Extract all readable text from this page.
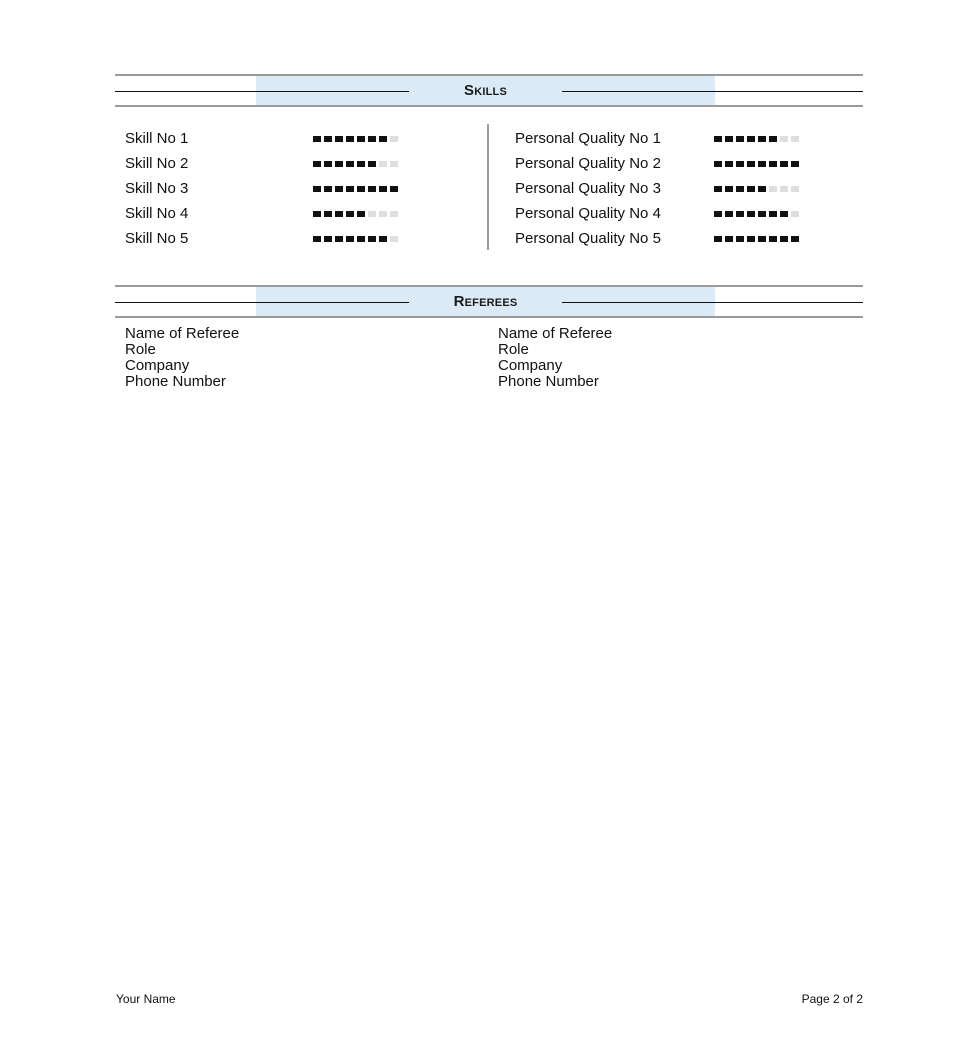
Skills
Skill No 1
Skill No 2
Skill No 3
Skill No 4
Skill No 5
Personal Quality No 1
Personal Quality No 2
Personal Quality No 3
Personal Quality No 4
Personal Quality No 5
Referees
Name of Referee
Role
Company
Phone Number
Name of Referee
Role
Company
Phone Number
Your Name	Page 2 of 2
